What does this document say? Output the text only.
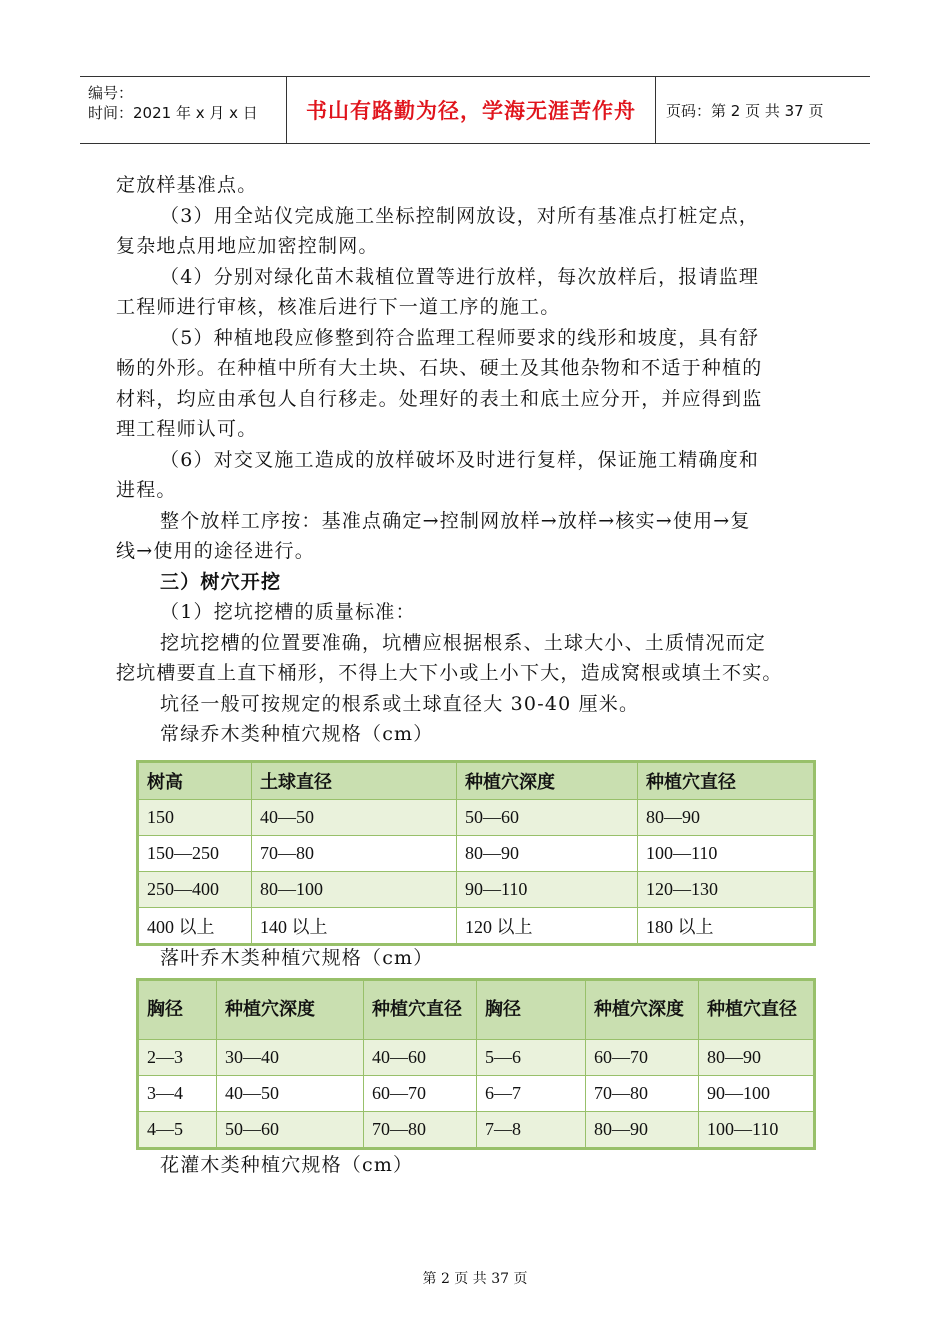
编号：
时间：2021 年 x 月 x 日	书山有路勤为径，学海无涯苦作舟	页码：第 2 页 共 37 页

定放样基准点。

（3）用全站仪完成施工坐标控制网放设，对所有基准点打桩定点，

复杂地点用地应加密控制网。

（4）分别对绿化苗木栽植位置等进行放样，每次放样后，报请监理

工程师进行审核，核准后进行下一道工序的施工。

（5）种植地段应修整到符合监理工程师要求的线形和坡度，具有舒

畅的外形。在种植中所有大土块、石块、硬土及其他杂物和不适于种植的

材料，均应由承包人自行移走。处理好的表土和底土应分开，并应得到监

理工程师认可。

（6）对交叉施工造成的放样破坏及时进行复样，保证施工精确度和

进程。

整个放样工序按：基准点确定→控制网放样→放样→核实→使用→复

线→使用的途径进行。

三）树穴开挖

（1）挖坑挖槽的质量标准：

挖坑挖槽的位置要准确，坑槽应根据根系、土球大小、土质情况而定

挖坑槽要直上直下桶形，不得上大下小或上小下大，造成窝根或填土不实。

坑径一般可按规定的根系或土球直径大 30-40 厘米。

常绿乔木类种植穴规格（cm）

树高	土球直径	种植穴深度	种植穴直径
150	40—50	50—60	80—90
150—250	70—80	80—90	100—110
250—400	80—100	90—110	120—130
400 以上	140 以上	120 以上	180 以上

落叶乔木类种植穴规格（cm）

胸径	种植穴深度	种植穴直径	胸径	种植穴深度	种植穴直径
2—3	30—40	40—60	5—6	60—70	80—90
3—4	40—50	60—70	6—7	70—80	90—100
4—5	50—60	70—80	7—8	80—90	100—110

花灌木类种植穴规格（cm）

第 2 页 共 37 页
